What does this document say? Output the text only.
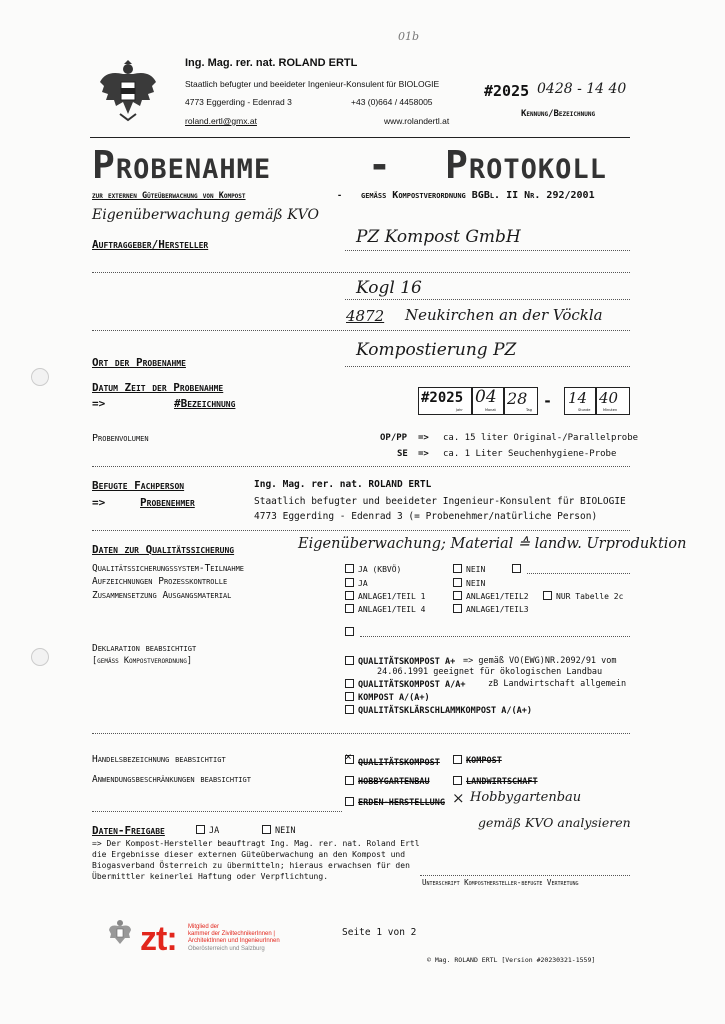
01b
Ing. Mag. rer. nat. ROLAND ERTL
Staatlich befugter und beeideter Ingenieur-Konsulent für BIOLOGIE
4773 Eggerding - Edenrad 3	+43 (0)664 / 4458005
roland.ertl@gmx.at	www.rolandertl.at
#2025 0428 - 14 40
Kennung/Bezeichnung
Probenahme	- Protokoll
zur externen Güteüberwachung von Kompost	- gemäß Kompostverordnung BGBl. II Nr. 292/2001
Eigenüberwachung gemäß KVO
Auftraggeber/Hersteller	PZ Kompost GmbH
Kogl 16
4872 Neukirchen an der Vöckla
Ort der Probenahme
Kompostierung PZ
Datum Zeit der Probenahme
=>	#Bezeichnung	#2025
Jahr
04
Monat
28
Tag - 14
Stunde
40
Minuten
Probenvolumen	OP/PP => ca. 15 liter Original-/Parallelprobe
SE => ca. 1 Liter Seuchenhygiene-Probe
Befugte Fachperson
=>	Probenehmer
Ing. Mag. rer. nat. ROLAND ERTL
Staatlich befugter und beeideter Ingenieur-Konsulent für BIOLOGIE
4773 Eggerding - Edenrad 3 (= Probenehmer/natürliche Person)
Daten zur Qualitätssicherung	Eigenüberwachung; Material ≙ landw. Urproduktion
Qualitätssicherungssystem-Teilnahme	JA (KBVÖ)	NEIN
Aufzeichnungen Prozesskontrolle	JA	NEIN
Zusammensetzung Ausgangsmaterial	ANLAGE1/TEIL 1	ANLAGE1/TEIL2	NUR Tabelle 2c
ANLAGE1/TEIL 4	ANLAGE1/TEIL3
Deklaration beabsichtigt
[gemäß Kompostverordnung]	QUALITÄTSKOMPOST A+ => gemäß VO(EWG)NR.2092/91 vom
24.06.1991 geeignet für ökologischen Landbau
QUALITÄTSKOMPOST A/A+	zB Landwirtschaft allgemein
KOMPOST A/(A+)
QUALITÄTSKLÄRSCHLAMMKOMPOST A/(A+)
Handelsbezeichnung beabsichtigt
×	QUALITÄTSKOMPOST	KOMPOST
Anwendungsbeschränkungen beabsichtigt	HOBBYGARTENBAU	LANDWIRTSCHAFT
ERDEN-HERSTELLUNG × Hobbygartenbau
gemäß KVO analysieren
Daten-Freigabe	JA	NEIN
=> Der Kompost-Hersteller beauftragt Ing. Mag. rer. nat. Roland Ertl
die Ergebnisse dieser externen Güteüberwachung an den Kompost und
Biogasverband Österreich zu übermitteln; hieraus erwachsen für den
Übermittler keinerlei Haftung oder Verpflichtung.
Unterschrift Komposthersteller-befugte Vertretung
zt: Mitglied der
kammer der ZiviltechnikerInnen |
ArchitektInnen und IngenieurInnen
Oberösterreich und Salzburg
Seite 1 von 2
© Mag. ROLAND ERTL [Version #20230321-1559]
